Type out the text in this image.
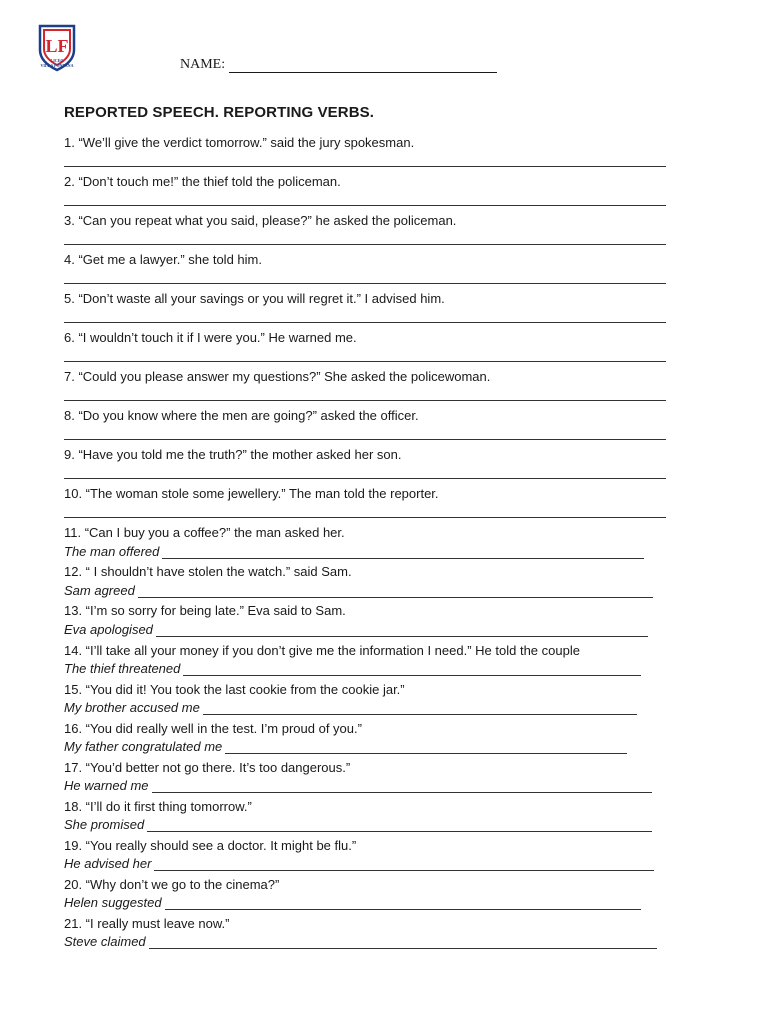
LF
LICEO
VILLA FONTANA	NAME:
REPORTED SPEECH. REPORTING VERBS.
1. “We’ll give the verdict tomorrow.” said the jury spokesman.
2. “Don’t touch me!” the thief told the policeman.
3. “Can you repeat what you said, please?” he asked the policeman.
4. “Get me a lawyer.” she told him.
5. “Don’t waste all your savings or you will regret it.” I advised him.
6. “I wouldn’t touch it if I were you.” He warned me.
7. “Could you please answer my questions?” She asked the policewoman.
8. “Do you know where the men are going?” asked the officer.
9. “Have you told me the truth?” the mother asked her son.
10. “The woman stole some jewellery.” The man told the reporter.
11. “Can I buy you a coffee?” the man asked her.
The man offered
12. “ I shouldn’t have stolen the watch.” said Sam.
Sam agreed
13. “I’m so sorry for being late.” Eva said to Sam.
Eva apologised
14. “I’ll take all your money if you don’t give me the information I need.” He told the couple
The thief threatened
15. “You did it! You took the last cookie from the cookie jar.”
My brother accused me
16. “You did really well in the test. I’m proud of you.”
My father congratulated me
17. “You’d better not go there. It’s too dangerous.”
He warned me
18. “I’ll do it first thing tomorrow.”
She promised
19. “You really should see a doctor. It might be flu.”
He advised her
20. “Why don’t we go to the cinema?”
Helen suggested
21. “I really must leave now.”
Steve claimed
